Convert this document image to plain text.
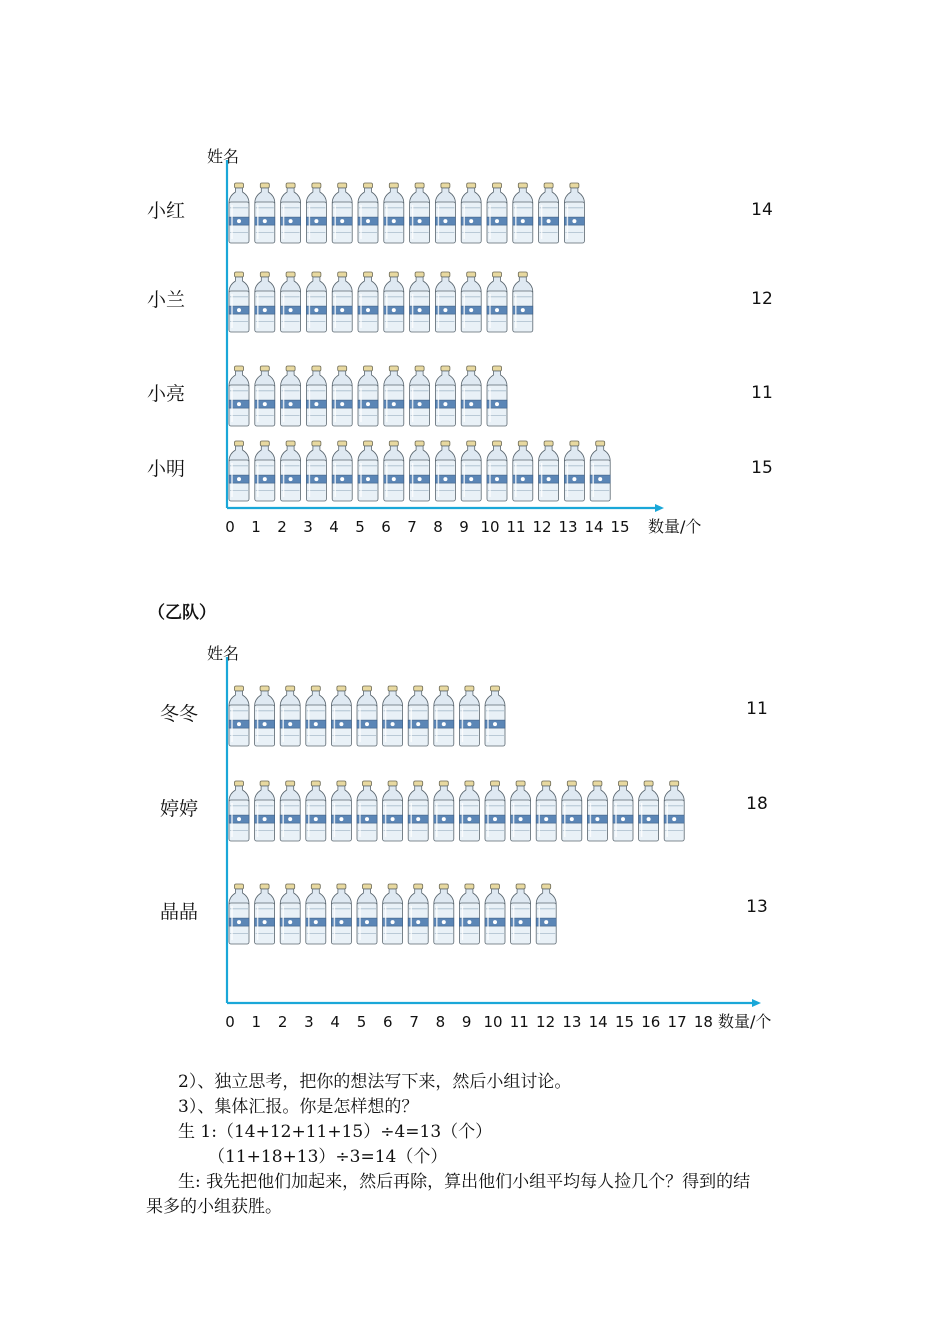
姓名
0 1 2 3 4 5 6 7 8 9 10 11 12 13 14 15 数量/个
小红	14
小兰	12
小亮	11
小明	15
（乙队）
姓名
0 1 2 3 4 5 6 7 8 9 10 11 12 13 14 15 16 17 18 数量/个
冬冬	11
婷婷	18
晶晶	13
2）、独立思考，把你的想法写下来，然后小组讨论。
3）、集体汇报。你是怎样想的？
生 1:（14+12+11+15）÷4=13（个）
（11+18+13）÷3=14（个）
生: 我先把他们加起来，然后再除，算出他们小组平均每人捡几个？得到的结
果多的小组获胜。
